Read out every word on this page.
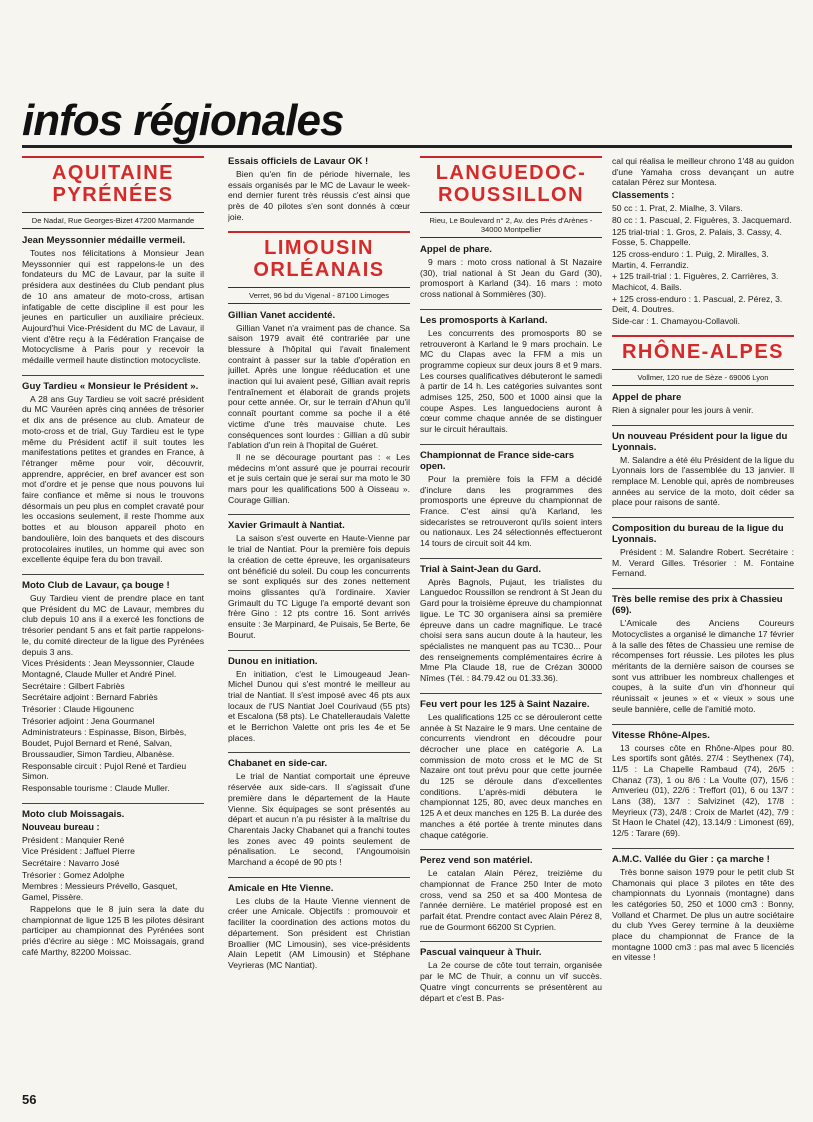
infos régionales
AQUITAINE PYRÉNÉES
De Nadaï, Rue Georges-Bizet 47200 Marmande
Jean Meyssonnier médaille vermeil.

Toutes nos félicitations à Monsieur Jean Meyssonnier qui est rappelons-le un des fondateurs du MC de Lavaur, par la suite il présidera aux destinées du Club pendant plus de 10 ans amateur de moto-cross, artisan infatigable de cette discipline il est pour les jeunes en particulier un auxiliaire précieux. Aujourd'hui Vice-Président du MC de Lavaur, il vient d'être reçu à la Fédération Française de Motocyclisme à Paris pour y recevoir la médaille vermeil haute distinction motocycliste.

Guy Tardieu « Monsieur le Président ».

A 28 ans Guy Tardieu se voit sacré président du MC Vauréen après cinq années de trésorier et dix ans de présence au club. Amateur de moto-cross et de trial, Guy Tardieu est le type même du Président actif il suit toutes les manifestations petites et grandes en France, à l'étranger même pour voir, découvrir, apprendre, apprécier, en bref avancer est son mot d'ordre et je pense que nous pouvons lui faire confiance et même si nous le trouvons désormais un peu plus en complet cravaté pour les occasions seulement, il reste l'homme aux bottes et au blouson appareil photo en bandoulière, loin des banquets et des discours protocolaires inutiles, un homme qui avec son excellente équipe fera du bon travail.

Moto Club de Lavaur, ça bouge !

Guy Tardieu vient de prendre place en tant que Président du MC de Lavaur, membres du club depuis 10 ans il a exercé les fonctions de trésorier pendant 5 ans et fait partie rappelons-le, du comité directeur de la ligue des Pyrénées depuis 3 ans.

Vices Présidents : Jean Meyssonnier, Claude Montagné, Claude Muller et André Pinel.

Secrétaire : Gilbert Fabriès

Secrétaire adjoint : Bernard Fabriès

Trésorier : Claude Higounenc

Trésorier adjoint : Jena Gourmanel

Administrateurs : Espinasse, Bison, Birbès, Boudet, Pujol Bernard et René, Salvan, Broussaudier, Simon Tardieu, Albanèse.

Responsable circuit : Pujol René et Tardieu Simon.

Responsable tourisme : Claude Muller.

Moto club Moissagais.
Nouveau bureau :

Président : Manquier René

Vice Président : Jaffuel Pierre

Secrétaire : Navarro José

Trésorier : Gomez Adolphe

Membres : Messieurs Prévello, Gasquet, Gamel, Pissère.

Rappelons que le 8 juin sera la date du championnat de ligue 125 B les pilotes désirant participer au championnat des Pyrénées sont priés d'écrire au siège : MC Moissagais, grand café Marthy, 82200 Moissac.

Essais officiels de Lavaur OK !

Bien qu'en fin de période hivernale, les essais organisés par le MC de Lavaur le week-end dernier furent très réussis c'est ainsi que près de 40 pilotes s'en sont donnés à cœur joie.

LIMOUSIN ORLÉANAIS
Verret, 96 bd du Vigenal - 87100 Limoges
Gillian Vanet accidenté.

Gillian Vanet n'a vraiment pas de chance. Sa saison 1979 avait été contrariée par une blessure à l'hôpital qui l'avait finalement contraint à passer sur la table d'opération en juillet. Après une longue rééducation et une inaction qui lui avaient pesé, Gillian avait repris l'entraînement et élaborait de grands projets pour cette année. Or, sur le terrain d'Ahun qu'il connaît pourtant comme sa poche il a été victime d'une très mauvaise chute. Les conséquences sont lourdes : Gillian a dû subir l'ablation d'un rein à l'hopital de Guéret.

Il ne se décourage pourtant pas : « Les médecins m'ont assuré que je pourrai recourir et je suis certain que je serai sur ma moto le 30 mars pour les qualifications 500 à Oisseau ». Courage Gillian.

Xavier Grimault à Nantiat.

La saison s'est ouverte en Haute-Vienne par le trial de Nantiat. Pour la première fois depuis la création de cette épreuve, les organisateurs ont bénéficié du soleil. Du coup les concurrents se sont expliqués sur des zones nettement moins glissantes qu'à l'ordinaire. Xavier Grimault du TC Liguge l'a emporté devant son frère Gino : 12 pts contre 16. Sont arrivés ensuite : 3e Marpinard, 4e Puisais, 5e Berte, 6e Bourut.

Dunou en initiation.

En initiation, c'est le Limougeaud Jean-Michel Dunou qui s'est montré le meilleur au trial de Nantiat. Il s'est imposé avec 46 pts aux locaux de l'US Nantiat Joel Courivaud (55 pts) et Escalona (58 pts). Le Chatelleraudais Valette et le Berrichon Valette ont pris les 4e et 5e places.

Chabanet en side-car.

Le trial de Nantiat comportait une épreuve réservée aux side-cars. Il s'agissait d'une première dans le département de la Haute Vienne. Six équipages se sont présentés au départ et aucun n'a pu résister à la maîtrise du Charentais Jacky Chabanet qui a franchi toutes les zones avec 49 points seulement de pénalisation. Le second, l'Angoumoisin Marchand a écopé de 90 pts !

Amicale en Hte Vienne.

Les clubs de la Haute Vienne viennent de créer une Amicale. Objectifs : promouvoir et faciliter la coordination des actions motos du département. Son président est Christian Broallier (MC Limousin), ses vice-présidents Alain Lepetit (AM Limousin) et Stéphane Veyrieras (MC Nantiat).

LANGUEDOC-ROUSSILLON
Rieu, Le Boulevard n° 2, Av. des Prés d'Arènes - 34000 Montpellier
Appel de phare.

9 mars : moto cross national à St Nazaire (30), trial national à St Jean du Gard (30), promosport à Karland (34). 16 mars : moto cross national à Sommières (30).

Les promosports à Karland.

Les concurrents des promosports 80 se retrouveront à Karland le 9 mars prochain. Le MC du Clapas avec la FFM a mis un programme copieux sur deux jours 8 et 9 mars. Les courses qualificatives débuteront le samedi à partir de 14 h. Les catégories suivantes sont admises 125, 250, 500 et 1000 ainsi que la coupe Aspes. Les languedociens auront à cœur comme chaque année de se distinguer sur le circuit héraultais.

Championnat de France side-cars open.

Pour la première fois la FFM a décidé d'inclure dans les programmes des promosports une épreuve du championnat de France. C'est ainsi qu'à Karland, les sidecaristes se retrouveront qu'ils soient inters ou nationaux. Les 24 sélectionnés effectueront 14 tours de circuit soit 44 km.

Trial à Saint-Jean du Gard.

Après Bagnols, Pujaut, les trialistes du Languedoc Roussillon se rendront à St Jean du Gard pour la troisième épreuve du championnat ligue. Le TC 30 organisera ainsi sa première épreuve dans un cadre magnifique. Le tracé choisi sera sans aucun doute à la hauteur, les spécialistes ne manquent pas au TC30... Pour des renseignements complémentaires écrire à Mme Pla Claude 18, rue de Crézan 30000 Nîmes (Tél. : 84.79.42 ou 01.33.36).

Feu vert pour les 125 à Saint Nazaire.

Les qualifications 125 cc se dérouleront cette année à St Nazaire le 9 mars. Une centaine de concurrents viendront en découdre pour décrocher une place en catégorie A. La commission de moto cross et le MC de St Nazaire ont tout prévu pour que cette journée du 125 se déroule dans d'excellentes conditions. L'après-midi débutera le championnat 125, 80, avec deux manches en 125 A et deux manches en 125 B. La durée des manches a été portée à trente minutes dans chaque catégorie.

Perez vend son matériel.

Le catalan Alain Pérez, treizième du championnat de France 250 Inter de moto cross, vend sa 250 et sa 400 Montesa de l'année dernière. Le matériel proposé est en parfait état. Prendre contact avec Alain Pérez 8, rue de Gourmont 66200 St Cyprien.

Pascual vainqueur à Thuir.

La 2e course de côte tout terrain, organisée par le MC de Thuir, a connu un vif succès. Quatre vingt concurrents se présentèrent au départ et c'est B. Pas-

cal qui réalisa le meilleur chrono 1'48 au guidon d'une Yamaha cross devançant un autre catalan Pérez sur Montesa.

Classements :

50 cc : 1. Prat, 2. Mialhe, 3. Vilars.

80 cc : 1. Pascual, 2. Figuères, 3. Jacquemard.

125 trial-trial : 1. Gros, 2. Palais, 3. Cassy, 4. Fosse, 5. Chappelle.

125 cross-enduro : 1. Puig, 2. Miralles, 3. Martin, 4. Ferrandiz.

+ 125 trail-trial : 1. Figuères, 2. Carrières, 3. Machicot, 4. Bails.

+ 125 cross-enduro : 1. Pascual, 2. Pérez, 3. Deit, 4. Doutres.

Side-car : 1. Chamayou-Collavoli.

RHÔNE-ALPES
Vollmer, 120 rue de Sèze - 69006 Lyon
Appel de phare

Rien à signaler pour les jours à venir.

Un nouveau Président pour la ligue du Lyonnais.

M. Salandre a été élu Président de la ligue du Lyonnais lors de l'assemblée du 13 janvier. Il remplace M. Lenoble qui, après de nombreuses années au service de la moto, doit céder sa place pour raisons de santé.

Composition du bureau de la ligue du Lyonnais.

Président : M. Salandre Robert. Secrétaire : M. Verard Gilles. Trésorier : M. Fontaine Fernand.

Très belle remise des prix à Chassieu (69).

L'Amicale des Anciens Coureurs Motocyclistes a organisé le dimanche 17 février à la salle des fêtes de Chassieu une remise de récompenses fort réussie. Les pilotes les plus méritants de la dernière saison de courses se sont vus attribuer les nombreux challenges et coupes, à la suite d'un vin d'honneur qui réunissait « jeunes » et « vieux » sous une seule bannière, celle de l'amitié moto.

Vitesse Rhône-Alpes.

13 courses côte en Rhône-Alpes pour 80. Les sportifs sont gâtés. 27/4 : Seythenex (74), 11/5 : La Chapelle Rambaud (74), 26/5 : Chanaz (73), 1 ou 8/6 : La Voulte (07), 15/6 : Amverieu (01), 22/6 : Treffort (01), 6 ou 13/7 : Lans (38), 13/7 : Salvizinet (42), 17/8 : Meyrieux (73), 24/8 : Croix de Marlet (42), 7/9 : St Haon le Chatel (42), 13.14/9 : Limonest (69), 12/5 : Tarare (69).

A.M.C. Vallée du Gier : ça marche !

Très bonne saison 1979 pour le petit club St Chamonais qui place 3 pilotes en tête des championnats du Lyonnais (montagne) dans les catégories 50, 250 et 1000 cm3 : Bonny, Volland et Charmet. De plus un autre sociétaire du club Yves Gerey termine à la deuxième place du championnat de France de la montagne 1000 cm3 : pas mal avec 5 licenciés en vitesse !

56
